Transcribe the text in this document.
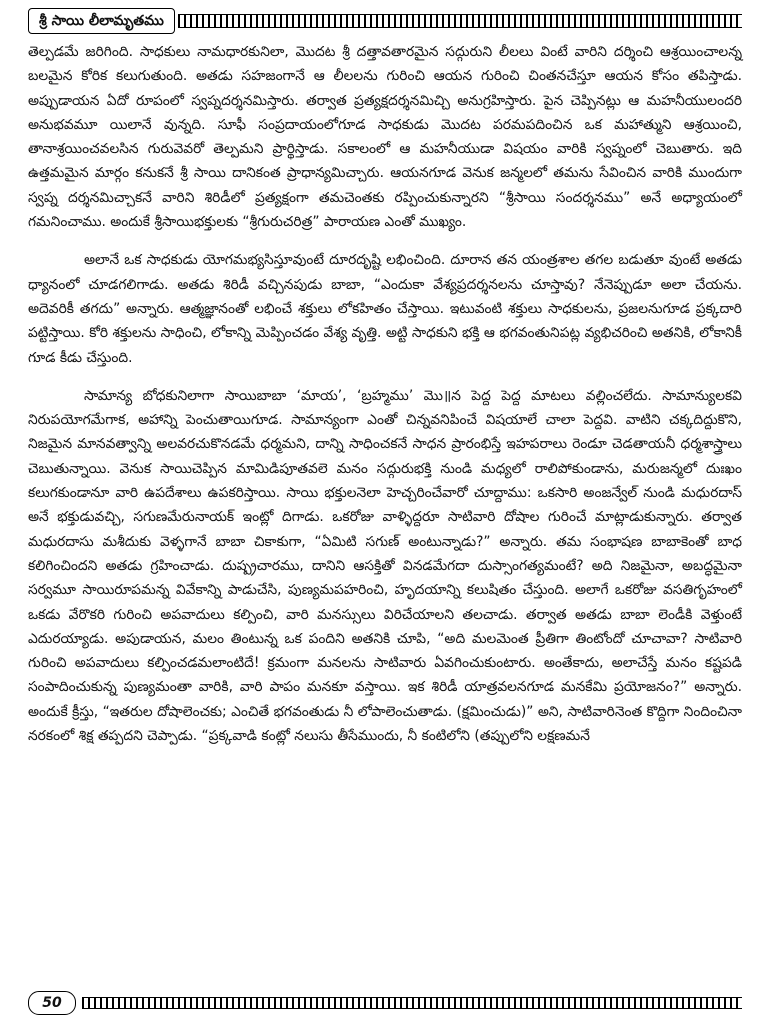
శ్రీ సాయి లీలామృతము

తెల్పడమే జరిగింది. సాధకులు నామధారకునిలా, మొదట శ్రీ దత్తావతారమైన సద్గురుని లీలలు వింటే వారిని దర్శించి ఆశ్రయించాలన్న బలమైన కోరిక కలుగుతుంది. అతడు సహజంగానే ఆ లీలలను గురించి ఆయన గురించి చింతనచేస్తూ ఆయన కోసం తపిస్తాడు. అప్పుడాయన ఏదో రూపంలో స్వప్నదర్శనమిస్తారు. తర్వాత ప్రత్యక్షదర్శనమిచ్చి అనుగ్రహిస్తారు. పైన చెప్పినట్లు ఆ మహనీయులందరి అనుభవమూ యిలానే వున్నది. సూఫీ సంప్రదాయంలోగూడ సాధకుడు మొదట పరమపదించిన ఒక మహాత్ముని ఆశ్రయించి, తానాశ్రయించవలసిన గురువెవరో తెల్పమని ప్రార్థిస్తాడు. సకాలంలో ఆ మహనీయుడా విషయం వారికి స్వప్నంలో చెబుతారు. ఇది ఉత్తమమైన మార్గం కనుకనే శ్రీ సాయి దానికంత ప్రాధాన్యమిచ్చారు. ఆయనగూడ వెనుక జన్మలలో తమను సేవించిన వారికి ముందుగా స్వప్న దర్శనమిచ్చాకనే వారిని శిరిడీలో ప్రత్యక్షంగా తమచెంతకు రప్పించుకున్నారని “శ్రీసాయి సందర్శనము” అనే అధ్యాయంలో గమనించాము. అందుకే శ్రీసాయిభక్తులకు “శ్రీగురుచరిత్ర” పారాయణ ఎంతో ముఖ్యం.

అలానే ఒక సాధకుడు యోగమభ్యసిస్తూవుంటే దూరదృష్టి లభించింది. దూరాన తన యంత్రశాల తగల బడుతూ వుంటే అతడు ధ్యానంలో చూడగలిగాడు. అతడు శిరిడీ వచ్చినపుడు బాబా, “ఎందుకా వేశ్యప్రదర్శనలను చూస్తావు? నేనెప్పుడూ అలా చేయను. అదెవరికీ తగదు” అన్నారు. ఆత్మజ్ఞానంతో లభించే శక్తులు లోకహితం చేస్తాయి. ఇటువంటి శక్తులు సాధకులను, ప్రజలనుగూడ ప్రక్కదారి పట్టిస్తాయి. కోరి శక్తులను సాధించి, లోకాన్ని మెప్పించడం వేశ్య వృత్తి. అట్టి సాధకుని భక్తి ఆ భగవంతునిపట్ల వ్యభిచరించి అతనికి, లోకానికీ గూడ కీడు చేస్తుంది.

సామాన్య బోధకునిలాగా సాయిబాబా ‘మాయ’, ‘బ్రహ్మము’ మొ॥న పెద్ద పెద్ద మాటలు వల్లించలేదు. సామాన్యులకవి నిరుపయోగమేగాక, అహాన్ని పెంచుతాయిగూడ. సామాన్యంగా ఎంతో చిన్నవనిపించే విషయాలే చాలా పెద్దవి. వాటిని చక్కదిద్దుకొని, నిజమైన మానవత్వాన్ని అలవరచుకొనడమే ధర్మమని, దాన్ని సాధించకనే సాధన ప్రారంభిస్తే ఇహపరాలు రెండూ చెడతాయనీ ధర్మశాస్త్రాలు చెబుతున్నాయి. వెనుక సాయిచెప్పిన మామిడిపూతవలె మనం సద్గురుభక్తి నుండి మధ్యలో రాలిపోకుండాను, మరుజన్మలో దుఃఖం కలుగకుండానూ వారి ఉపదేశాలు ఉపకరిస్తాయి. సాయి భక్తులనెలా హెచ్చరించేవారో చూద్దాము: ఒకసారి అంజన్వేల్ నుండి మధురదాస్ అనే భక్తుడువచ్చి, సగుణమేరునాయక్ ఇంట్లో దిగాడు. ఒకరోజు వాళ్ళిద్దరూ సాటివారి దోషాల గురించే మాట్లాడుకున్నారు. తర్వాత మధురదాసు మశీదుకు వెళ్ళగానే బాబా చికాకుగా, “ఏమిటి సగుణ్ అంటున్నాడు?” అన్నారు. తమ సంభాషణ బాబాకెంతో బాధ కలిగించిందని అతడు గ్రహించాడు. దుష్ప్రచారము, దానిని ఆసక్తితో వినడమేగదా దుస్సాంగత్యమంటే? అది నిజమైనా, అబద్ధమైనా సర్వమూ సాయిరూపమన్న వివేకాన్ని పాడుచేసి, పుణ్యమపహరించి, హృదయాన్ని కలుషితం చేస్తుంది. అలాగే ఒకరోజు వసతిగృహంలో ఒకడు వేరొకరి గురించి అపవాదులు కల్పించి, వారి మనస్సులు విరిచేయాలని తలచాడు. తర్వాత అతడు బాబా లెండీకి వెళ్తుంటే ఎదురయ్యాడు. అపుడాయన, మలం తింటున్న ఒక పందిని అతనికి చూపి, “అది మలమెంత ప్రీతిగా తింటోందో చూచావా? సాటివారి గురించి అపవాదులు కల్పించడమలాంటిదే! క్రమంగా మనలను సాటివారు ఏవగించుకుంటారు. అంతేకాదు, అలాచేస్తే మనం కష్టపడి సంపాదించుకున్న పుణ్యమంతా వారికి, వారి పాపం మనకూ వస్తాయి. ఇక శిరిడీ యాత్రవలనగూడ మనకేమి ప్రయోజనం?” అన్నారు. అందుకే క్రీస్తు, “ఇతరుల దోషాలెంచకు; ఎంచితే భగవంతుడు నీ లోపాలెంచుతాడు. (క్షమించుడు)” అని, సాటివారినెంత కొద్దిగా నిందించినా నరకంలో శిక్ష తప్పదని చెప్పాడు. “ప్రక్కవాడి కంట్లో నలుసు తీసేముందు, నీ కంటిలోని (తప్పులోని లక్షణమనే

50
